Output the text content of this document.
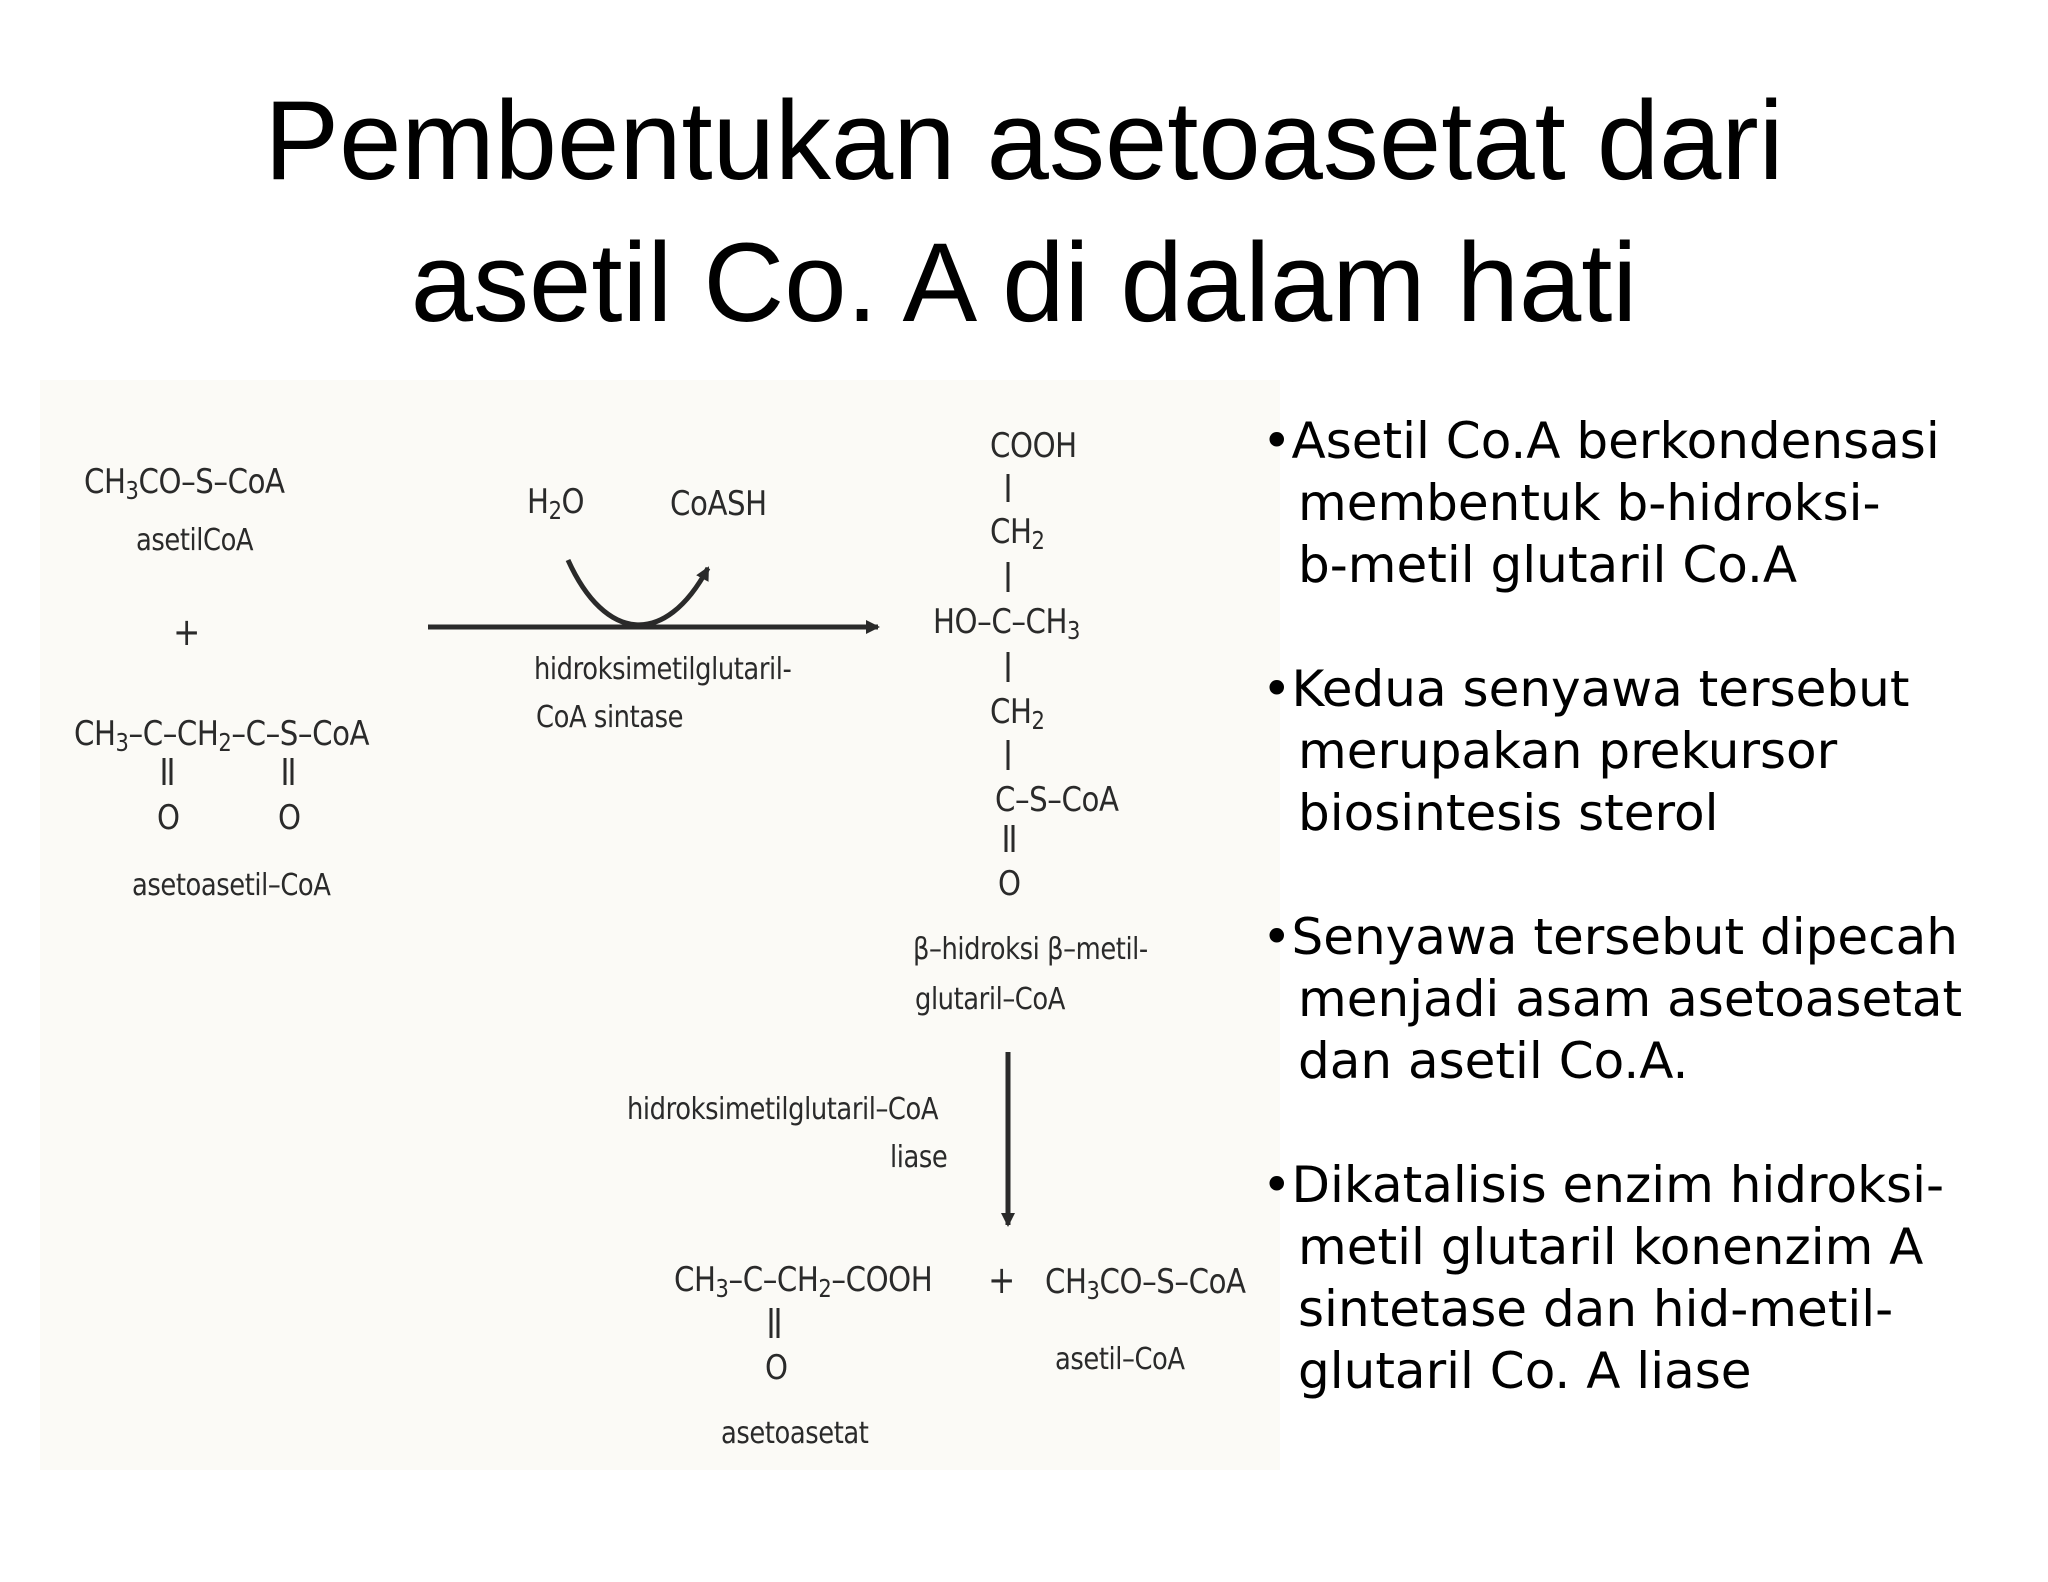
Pembentukan asetoasetat dari
asetil Co. A di dalam hati
$CH_3CO-S$–CoA
asetilCoA
+
$CH_3-C-CH_2-C-S$–CoA
O	O
asetoasetil–CoA
$H_2O$	CoASH
hidroksimetilglutaril-
CoA sintase
COOH
$CH_2$
$HO-C-CH_3$
$CH_2$
C–S–CoA
O
β–hidroksi β–metil-
glutaril–CoA
hidroksimetilglutaril–CoA
liase
$CH_3-C-CH_2$–COOH
O
asetoasetat
+ $CH_3CO-S$–CoA
asetil–CoA
•Asetil Co.A berkondensasi
membentuk b-hidroksi-
b-metil glutaril Co.A
•Kedua senyawa tersebut
merupakan prekursor
biosintesis sterol
•Senyawa tersebut dipecah
menjadi asam asetoasetat
dan asetil Co.A.
•Dikatalisis enzim hidroksi-
metil glutaril konenzim A
sintetase dan hid-metil-
glutaril Co. A liase
